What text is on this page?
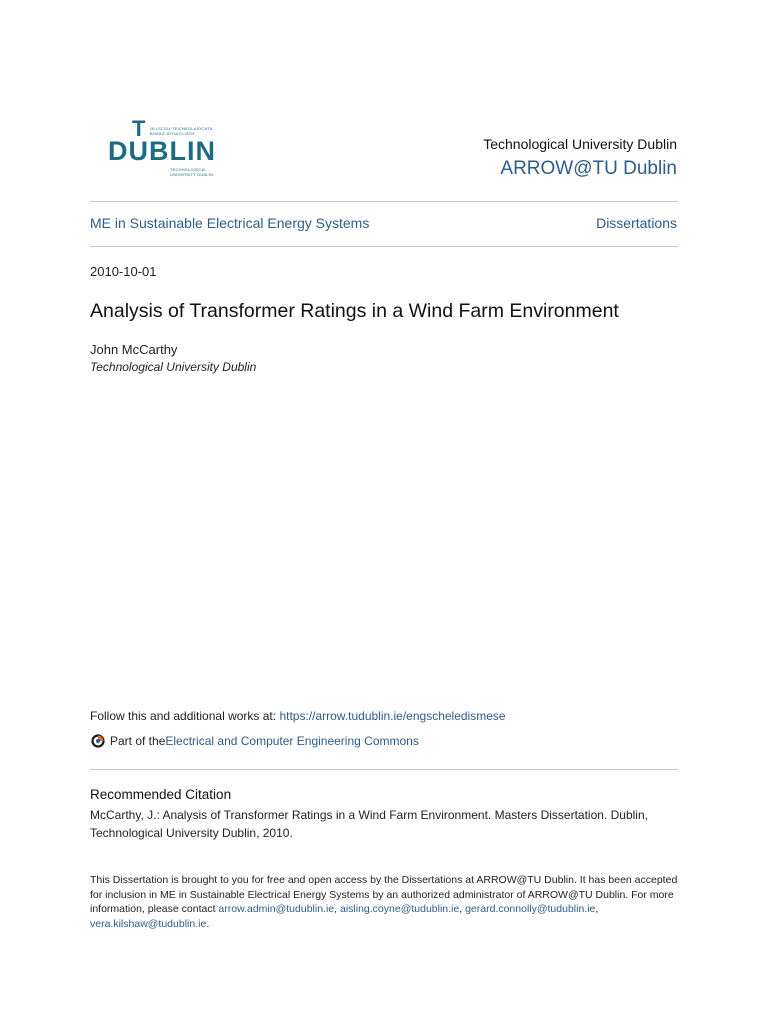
T OLLSCOIL TEICNEOLAÍOCHTA
BHAILE ÁTHA CLIATH
DUBLIN
TECHNOLOGICAL
UNIVERSITY DUBLIN
Technological University Dublin
ARROW@TU Dublin
ME in Sustainable Electrical Energy Systems	Dissertations
2010-10-01
Analysis of Transformer Ratings in a Wind Farm Environment
John McCarthy
Technological University Dublin
Follow this and additional works at: https://arrow.tudublin.ie/engscheledismese
Part of the Electrical and Computer Engineering Commons
Recommended Citation
McCarthy, J.: Analysis of Transformer Ratings in a Wind Farm Environment. Masters Dissertation. Dublin, Technological University Dublin, 2010.
This Dissertation is brought to you for free and open access by the Dissertations at ARROW@TU Dublin. It has been accepted for inclusion in ME in Sustainable Electrical Energy Systems by an authorized administrator of ARROW@TU Dublin. For more information, please contact arrow.admin@tudublin.ie, aisling.coyne@tudublin.ie, gerard.connolly@tudublin.ie, vera.kilshaw@tudublin.ie.
